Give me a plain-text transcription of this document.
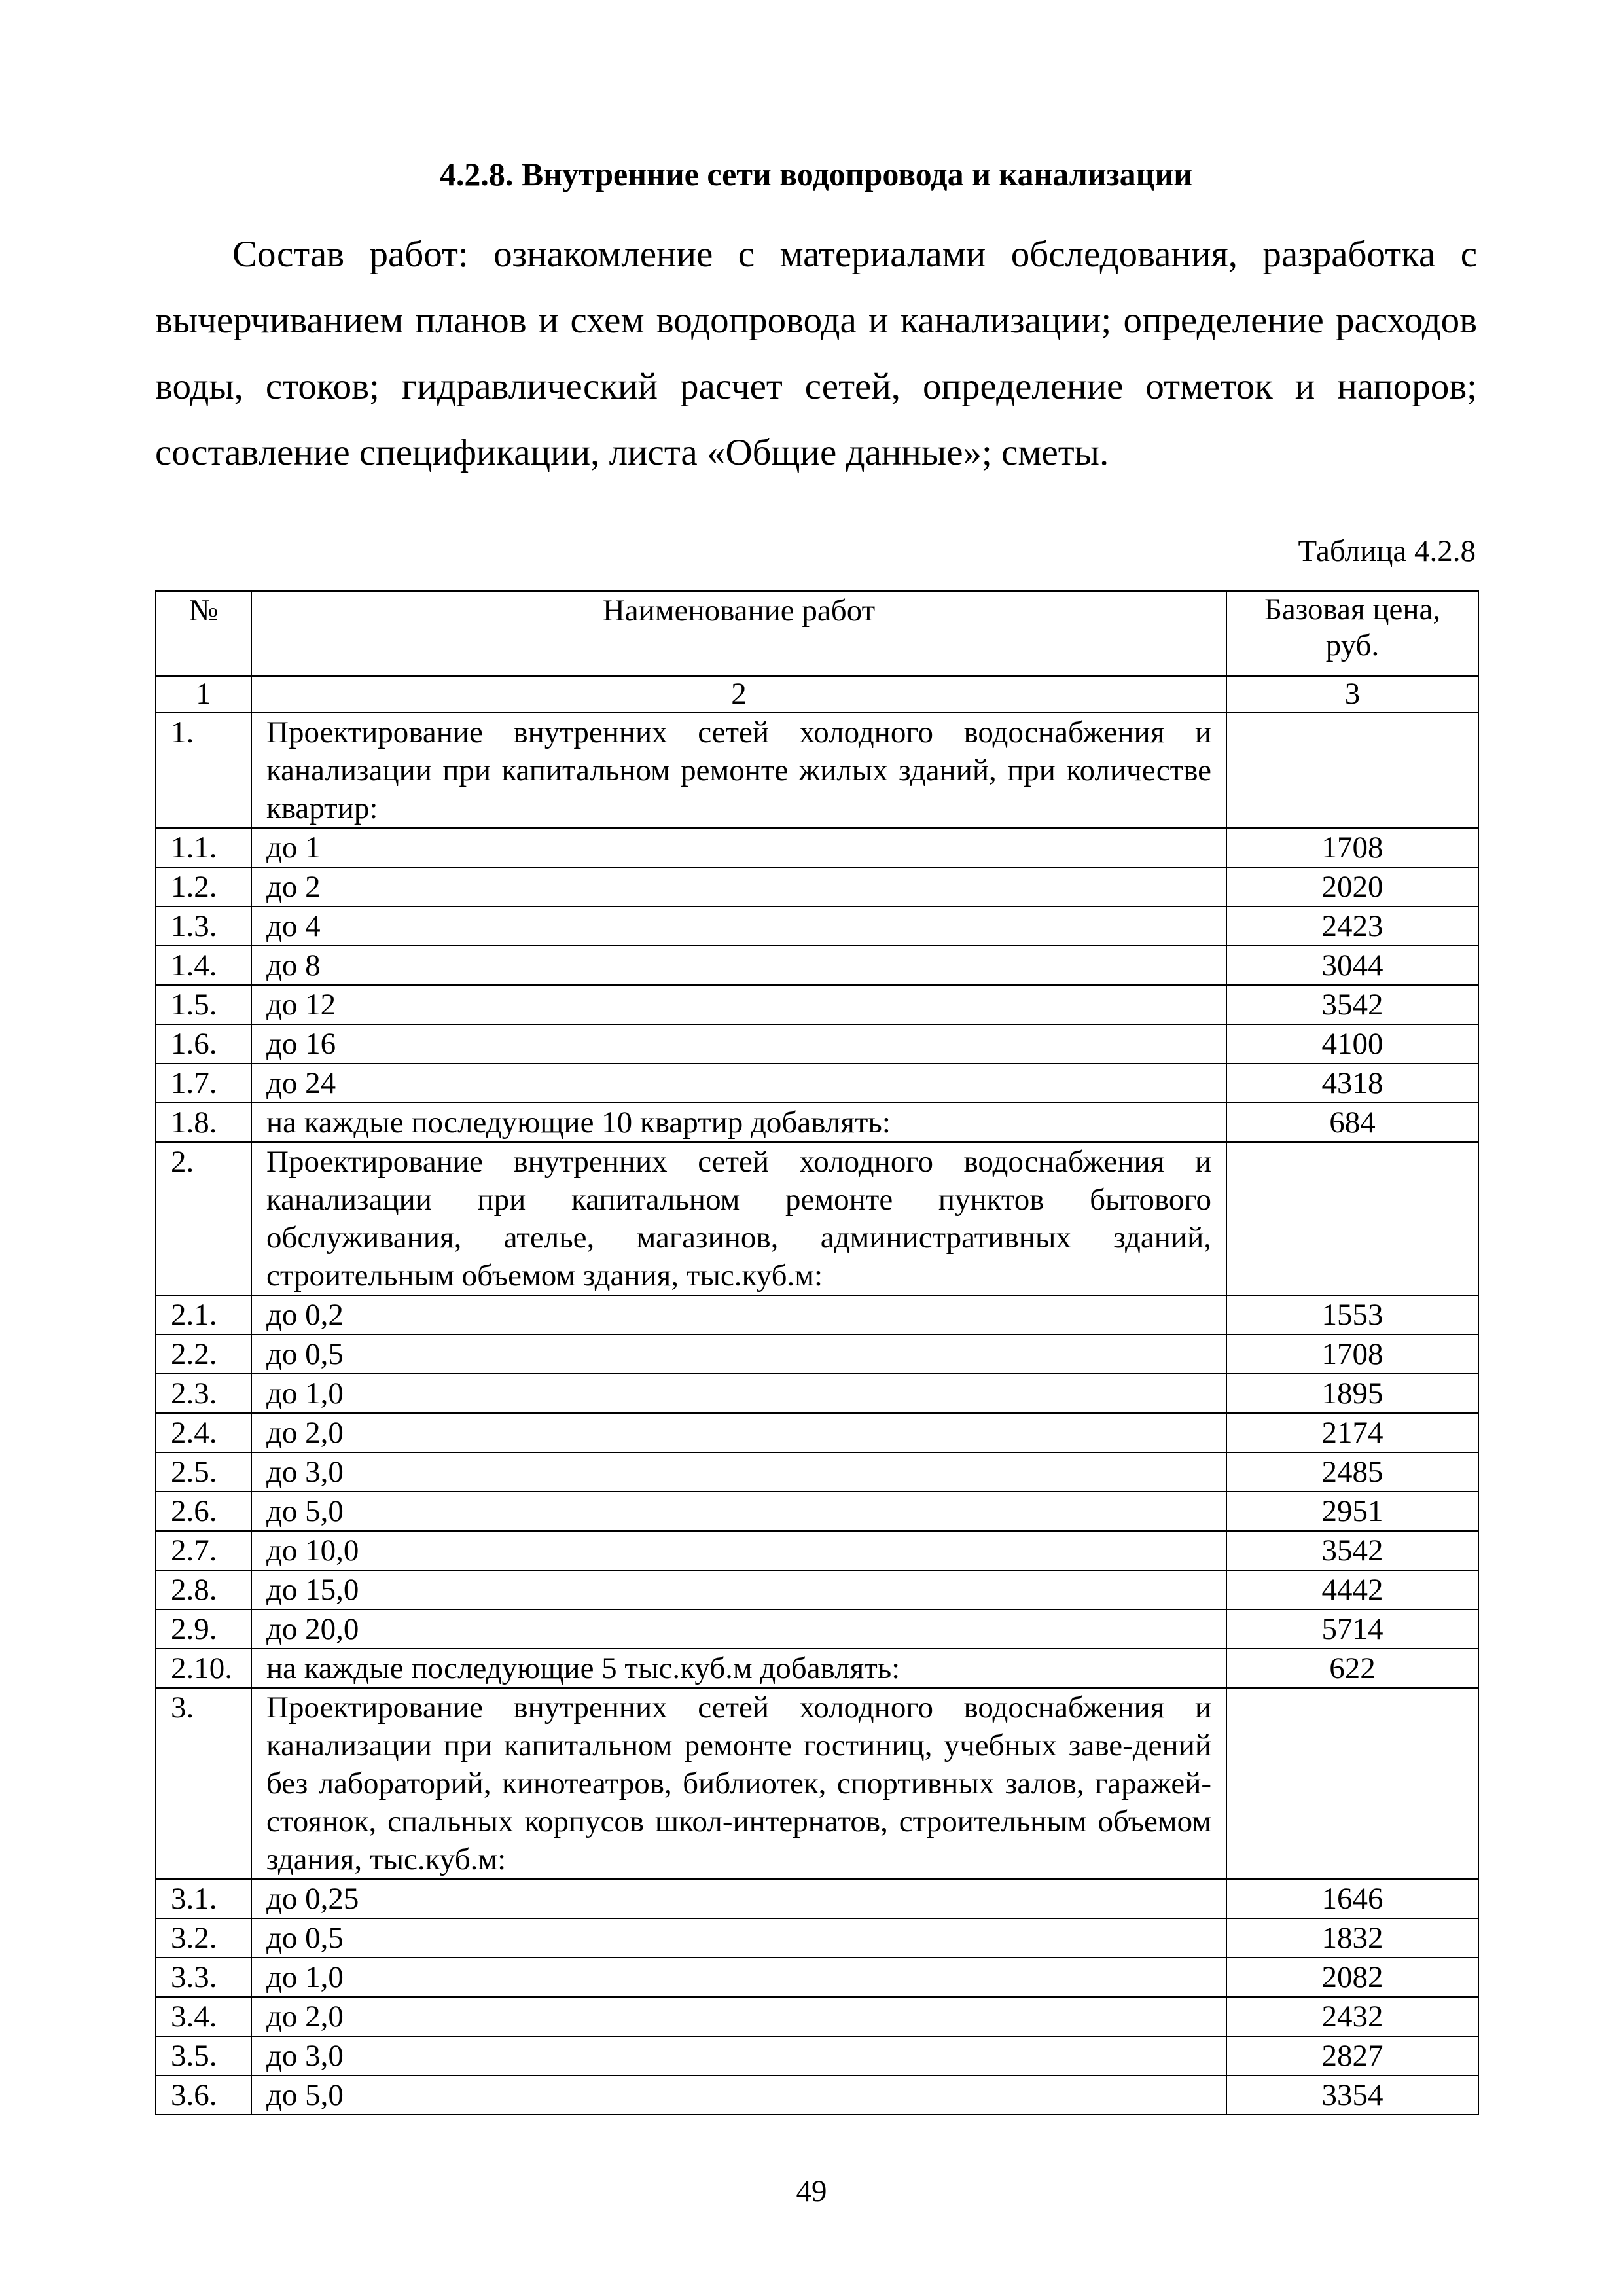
4.2.8. Внутренние сети водопровода и канализации

Состав работ: ознакомление с материалами обследования, разработка с вычерчиванием планов и схем водопровода и канализации; определение расходов воды, стоков; гидравлический расчет сетей, определение отметок и напоров; составление спецификации, листа «Общие данные»; сметы.

Таблица 4.2.8
№	Наименование работ	Базовая цена, руб.
1	2	3
1.	Проектирование внутренних сетей холодного водоснабжения и канализации при капитальном ремонте жилых зданий, при количестве квартир:	
1.1.	до 1	1708
1.2.	до 2	2020
1.3.	до 4	2423
1.4.	до 8	3044
1.5.	до 12	3542
1.6.	до 16	4100
1.7.	до 24	4318
1.8.	на каждые последующие 10 квартир добавлять:	684
2.	Проектирование внутренних сетей холодного водоснабжения и канализации при капитальном ремонте пунктов бытового обслуживания, ателье, магазинов, административных зданий, строительным объемом здания, тыс.куб.м:	
2.1.	до 0,2	1553
2.2.	до 0,5	1708
2.3.	до 1,0	1895
2.4.	до 2,0	2174
2.5.	до 3,0	2485
2.6.	до 5,0	2951
2.7.	до 10,0	3542
2.8.	до 15,0	4442
2.9.	до 20,0	5714
2.10.	на каждые последующие 5 тыс.куб.м добавлять:	622
3.	Проектирование внутренних сетей холодного водоснабжения и канализации при капитальном ремонте гостиниц, учебных заве-дений без лабораторий, кинотеатров, библиотек, спортивных залов, гаражей-стоянок, спальных корпусов школ-интернатов, строительным объемом здания, тыс.куб.м:	
3.1.	до 0,25	1646
3.2.	до 0,5	1832
3.3.	до 1,0	2082
3.4.	до 2,0	2432
3.5.	до 3,0	2827
3.6.	до 5,0	3354
49
